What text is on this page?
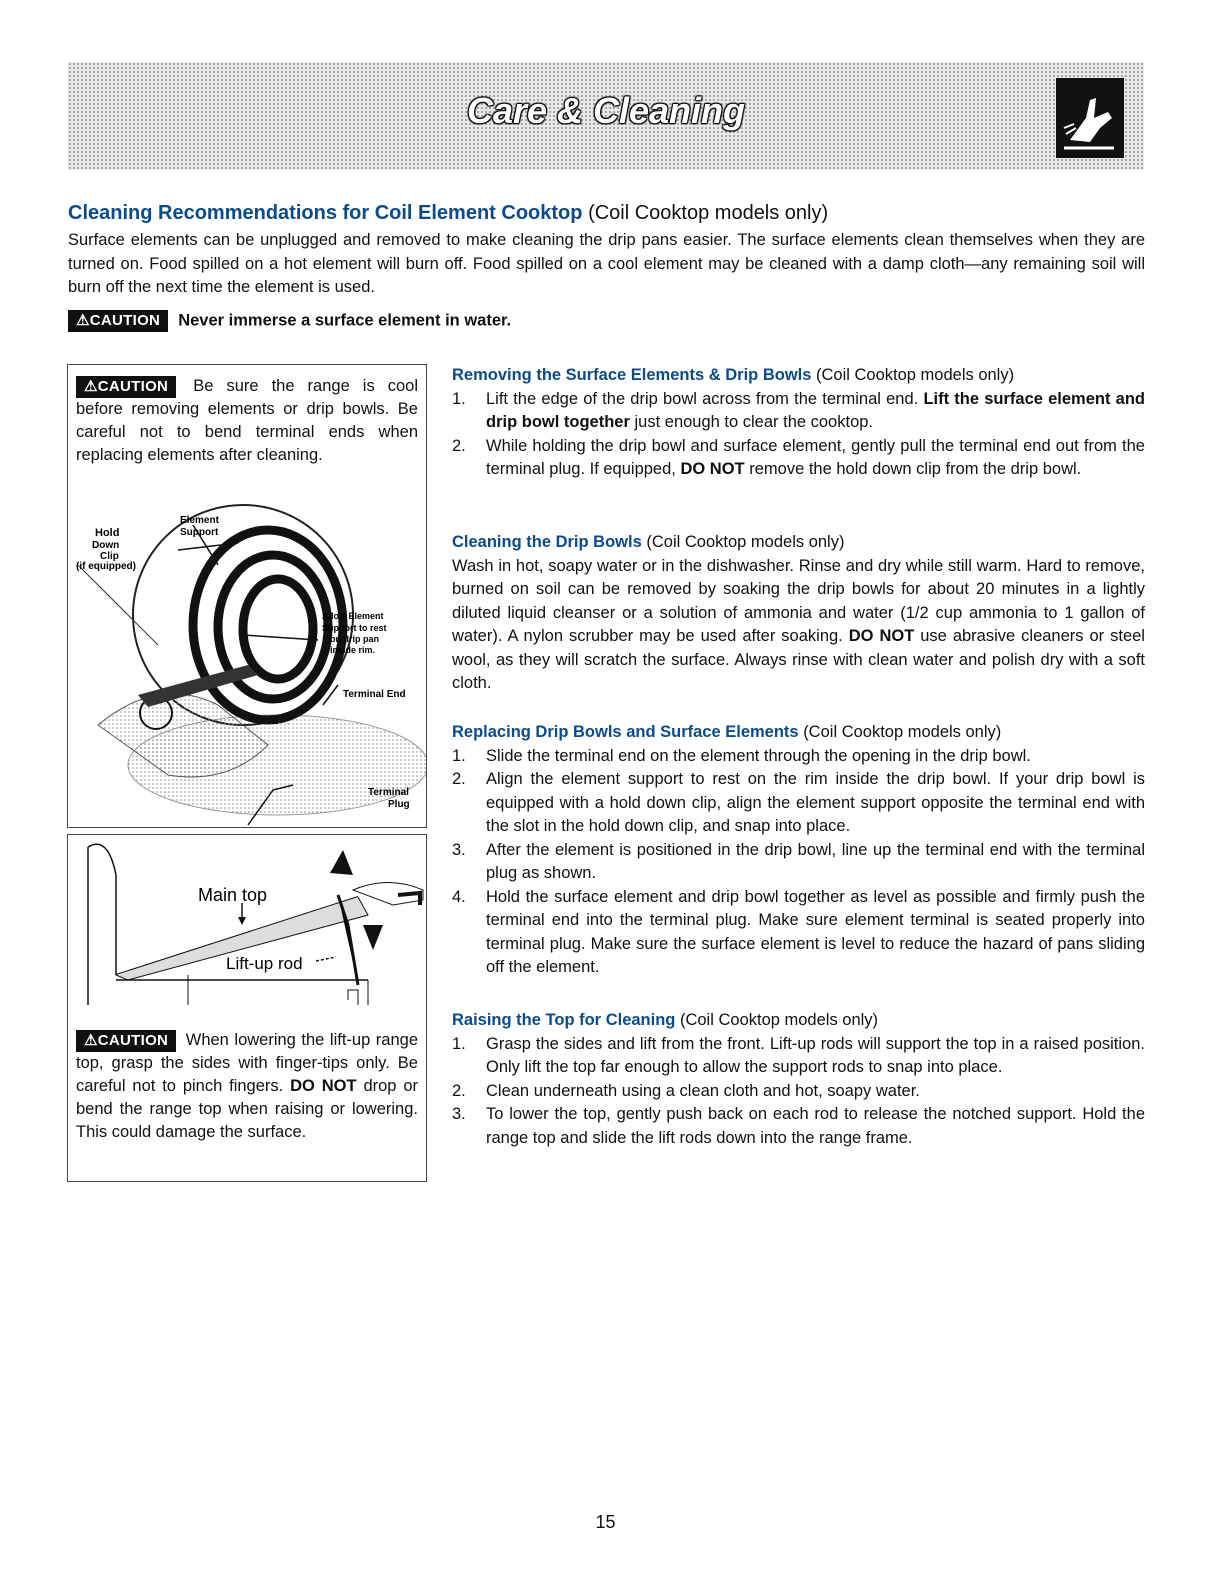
Care & Cleaning
Cleaning Recommendations for Coil Element Cooktop (Coil Cooktop models only)
Surface elements can be unplugged and removed to make cleaning the drip pans easier. The surface elements clean themselves when they are turned on. Food spilled on a hot element will burn off. Food spilled on a cool element may be cleaned with a damp cloth—any remaining soil will burn off the next time the element is used.
⚠CAUTION Never immerse a surface element in water.
⚠CAUTION Be sure the range is cool before removing elements or drip bowls. Be careful not to bend terminal ends when replacing elements after cleaning.
Hold
Down
Clip
(if equipped)
Element
Support
Allow Element
Support to rest
on drip pan
inside rim.
Terminal End
Terminal
Plug
Main top
Lift-up rod
⚠CAUTION When lowering the lift-up range top, grasp the sides with finger-tips only. Be careful not to pinch fingers. DO NOT drop or bend the range top when raising or lowering. This could damage the surface.
Removing the Surface Elements & Drip Bowls (Coil Cooktop models only)
1. Lift the edge of the drip bowl across from the terminal end. Lift the surface element and drip bowl together just enough to clear the cooktop.
2. While holding the drip bowl and surface element, gently pull the terminal end out from the terminal plug. If equipped, DO NOT remove the hold down clip from the drip bowl.
Cleaning the Drip Bowls (Coil Cooktop models only)
Wash in hot, soapy water or in the dishwasher. Rinse and dry while still warm. Hard to remove, burned on soil can be removed by soaking the drip bowls for about 20 minutes in a lightly diluted liquid cleanser or a solution of ammonia and water (1/2 cup ammonia to 1 gallon of water). A nylon scrubber may be used after soaking. DO NOT use abrasive cleaners or steel wool, as they will scratch the surface. Always rinse with clean water and polish dry with a soft cloth.
Replacing Drip Bowls and Surface Elements (Coil Cooktop models only)
1. Slide the terminal end on the element through the opening in the drip bowl.
2. Align the element support to rest on the rim inside the drip bowl. If your drip bowl is equipped with a hold down clip, align the element support opposite the terminal end with the slot in the hold down clip, and snap into place.
3. After the element is positioned in the drip bowl, line up the terminal end with the terminal plug as shown.
4. Hold the surface element and drip bowl together as level as possible and firmly push the terminal end into the terminal plug. Make sure element terminal is seated properly into terminal plug. Make sure the surface element is level to reduce the hazard of pans sliding off the element.
Raising the Top for Cleaning (Coil Cooktop models only)
1. Grasp the sides and lift from the front. Lift-up rods will support the top in a raised position. Only lift the top far enough to allow the support rods to snap into place.
2. Clean underneath using a clean cloth and hot, soapy water.
3. To lower the top, gently push back on each rod to release the notched support. Hold the range top and slide the lift rods down into the range frame.
15
